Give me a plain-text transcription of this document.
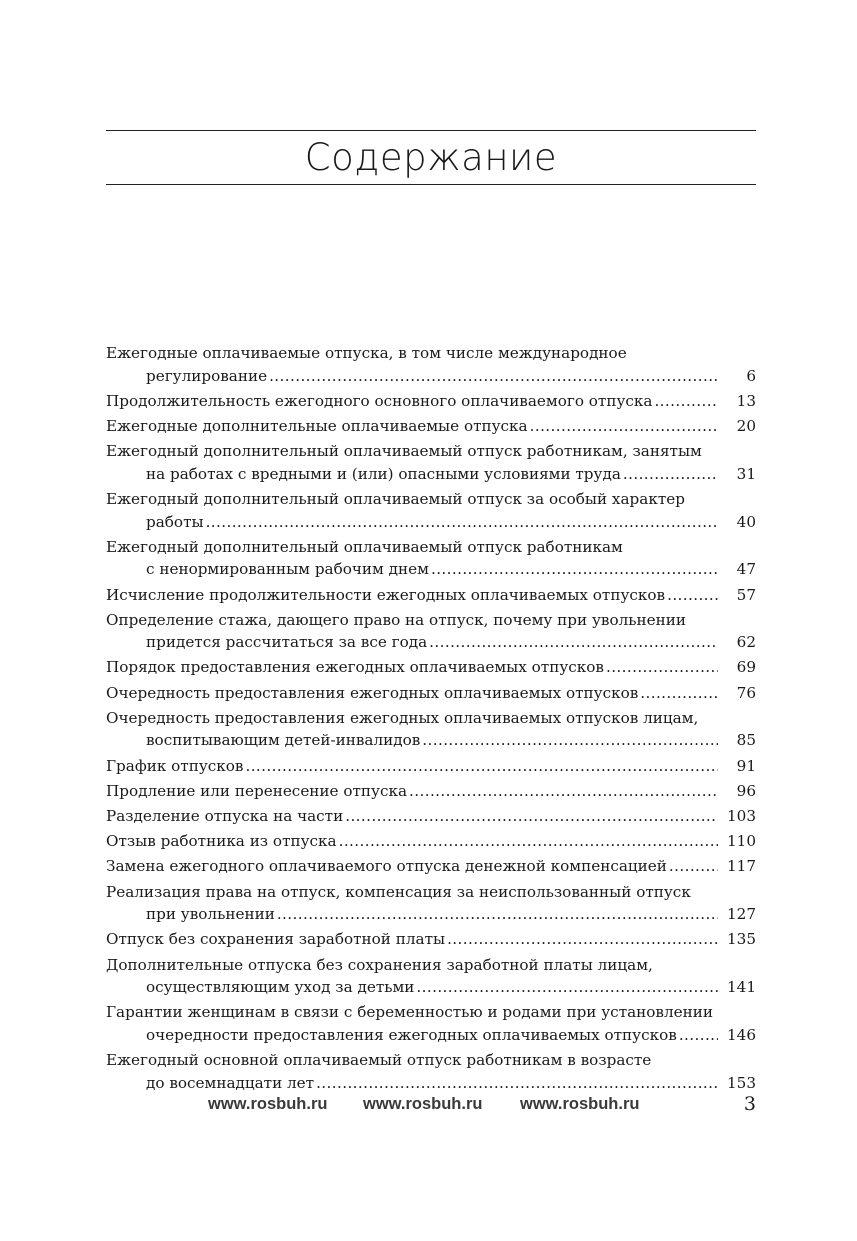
Содержание
Ежегодные оплачиваемые отпуска, в том числе международное
регулирование .....	6
Продолжительность ежегодного основного оплачиваемого отпуска .....	13
Ежегодные дополнительные оплачиваемые отпуска .....	20
Ежегодный дополнительный оплачиваемый отпуск работникам, занятым
на работах с вредными и (или) опасными условиями труда .....	31
Ежегодный дополнительный оплачиваемый отпуск за особый характер
работы .....	40
Ежегодный дополнительный оплачиваемый отпуск работникам
с ненормированным рабочим днем .....	47
Исчисление продолжительности ежегодных оплачиваемых отпусков .....	57
Определение стажа, дающего право на отпуск, почему при увольнении
придется рассчитаться за все года .....	62
Порядок предоставления ежегодных оплачиваемых отпусков .....	69
Очередность предоставления ежегодных оплачиваемых отпусков .....	76
Очередность предоставления ежегодных оплачиваемых отпусков лицам,
воспитывающим детей-инвалидов .....	85
График отпусков .....	91
Продление или перенесение отпуска .....	96
Разделение отпуска на части .....	103
Отзыв работника из отпуска .....	110
Замена ежегодного оплачиваемого отпуска денежной компенсацией .....	117
Реализация права на отпуск, компенсация за неиспользованный отпуск
при увольнении .....	127
Отпуск без сохранения заработной платы .....	135
Дополнительные отпуска без сохранения заработной платы лицам,
осуществляющим уход за детьми .....	141
Гарантии женщинам в связи с беременностью и родами при установлении
очередности предоставления ежегодных оплачиваемых отпусков .....	146
Ежегодный основной оплачиваемый отпуск работникам в возрасте
до восемнадцати лет .....	153
www.rosbuh.ru www.rosbuh.ru www.rosbuh.ru	3
